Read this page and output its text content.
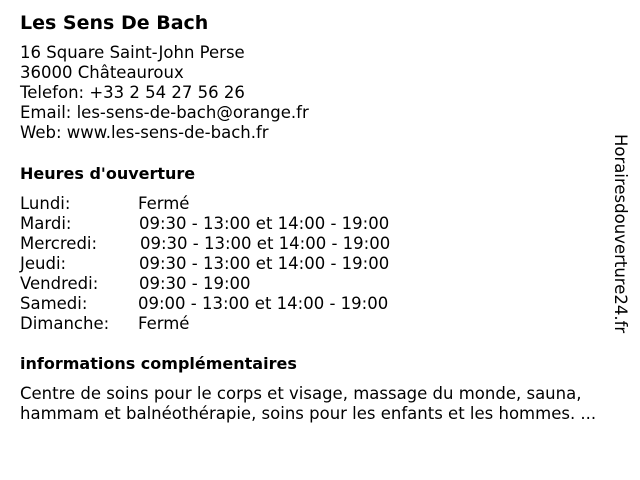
Les Sens De Bach
16 Square Saint-John Perse
36000 Châteauroux
Telefon: +33 2 54 27 56 26
Email: les-sens-de-bach@orange.fr
Web: www.les-sens-de-bach.fr
Heures d'ouverture
Lundi:	Fermé
Mardi:	09:30 - 13:00 et 14:00 - 19:00
Mercredi:	09:30 - 13:00 et 14:00 - 19:00
Jeudi:	09:30 - 13:00 et 14:00 - 19:00
Vendredi: 09:30 - 19:00
Samedi:	09:00 - 13:00 et 14:00 - 19:00
Dimanche: Fermé
informations complémentaires
Centre de soins pour le corps et visage, massage du monde, sauna,
hammam et balnéothérapie, soins pour les enfants et les hommes. ...
Horairesdouverture24.fr
